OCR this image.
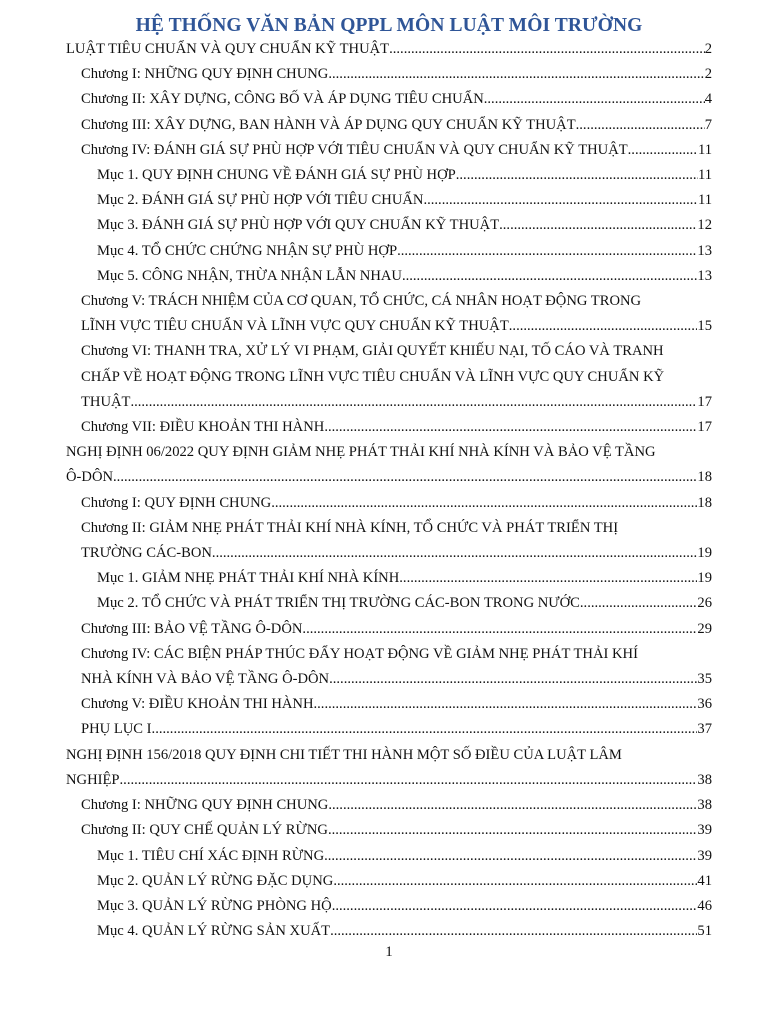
HỆ THỐNG VĂN BẢN QPPL MÔN LUẬT MÔI TRƯỜNG
LUẬT TIÊU CHUẨN VÀ QUY CHUẨN KỸ THUẬT .....	2
Chương I: NHỮNG QUY ĐỊNH CHUNG .....	2
Chương II: XÂY DỰNG, CÔNG BỐ VÀ ÁP DỤNG TIÊU CHUẨN .....	4
Chương III: XÂY DỰNG, BAN HÀNH VÀ ÁP DỤNG QUY CHUẨN KỸ THUẬT .....	7
Chương IV: ĐÁNH GIÁ SỰ PHÙ HỢP VỚI TIÊU CHUẨN VÀ QUY CHUẨN KỸ THUẬT .....	11
Mục 1. QUY ĐỊNH CHUNG VỀ ĐÁNH GIÁ SỰ PHÙ HỢP .....	11
Mục 2. ĐÁNH GIÁ SỰ PHÙ HỢP VỚI TIÊU CHUẨN .....	11
Mục 3. ĐÁNH GIÁ SỰ PHÙ HỢP VỚI QUY CHUẨN KỸ THUẬT .....	12
Mục 4. TỔ CHỨC CHỨNG NHẬN SỰ PHÙ HỢP .....	13
Mục 5. CÔNG NHẬN, THỪA NHẬN LẪN NHAU .....	13
Chương V: TRÁCH NHIỆM CỦA CƠ QUAN, TỔ CHỨC, CÁ NHÂN HOẠT ĐỘNG TRONG
LĨNH VỰC TIÊU CHUẨN VÀ LĨNH VỰC QUY CHUẨN KỸ THUẬT .....	15
Chương VI: THANH TRA, XỬ LÝ VI PHẠM, GIẢI QUYẾT KHIẾU NẠI, TỐ CÁO VÀ TRANH
CHẤP VỀ HOẠT ĐỘNG TRONG LĨNH VỰC TIÊU CHUẨN VÀ LĨNH VỰC QUY CHUẨN KỸ
THUẬT .....	17
Chương VII: ĐIỀU KHOẢN THI HÀNH .....	17
NGHỊ ĐỊNH 06/2022 QUY ĐỊNH GIẢM NHẸ PHÁT THẢI KHÍ NHÀ KÍNH VÀ BẢO VỆ TẦNG
Ô-DÔN .....	18
Chương I: QUY ĐỊNH CHUNG .....	18
Chương II: GIẢM NHẸ PHÁT THẢI KHÍ NHÀ KÍNH, TỔ CHỨC VÀ PHÁT TRIỂN THỊ
TRƯỜNG CÁC-BON .....	19
Mục 1. GIẢM NHẸ PHÁT THẢI KHÍ NHÀ KÍNH .....	19
Mục 2. TỔ CHỨC VÀ PHÁT TRIỂN THỊ TRƯỜNG CÁC-BON TRONG NƯỚC .....	26
Chương III: BẢO VỆ TẦNG Ô-DÔN .....	29
Chương IV: CÁC BIỆN PHÁP THÚC ĐẨY HOẠT ĐỘNG VỀ GIẢM NHẸ PHÁT THẢI KHÍ
NHÀ KÍNH VÀ BẢO VỆ TẦNG Ô-DÔN .....	35
Chương V: ĐIỀU KHOẢN THI HÀNH .....	36
PHỤ LỤC I .....	37
NGHỊ ĐỊNH 156/2018 QUY ĐỊNH CHI TIẾT THI HÀNH MỘT SỐ ĐIỀU CỦA LUẬT LÂM
NGHIỆP .....	38
Chương I: NHỮNG QUY ĐỊNH CHUNG .....	38
Chương II: QUY CHẾ QUẢN LÝ RỪNG .....	39
Mục 1. TIÊU CHÍ XÁC ĐỊNH RỪNG .....	39
Mục 2. QUẢN LÝ RỪNG ĐẶC DỤNG .....	41
Mục 3. QUẢN LÝ RỪNG PHÒNG HỘ .....	46
Mục 4. QUẢN LÝ RỪNG SẢN XUẤT .....	51
1
